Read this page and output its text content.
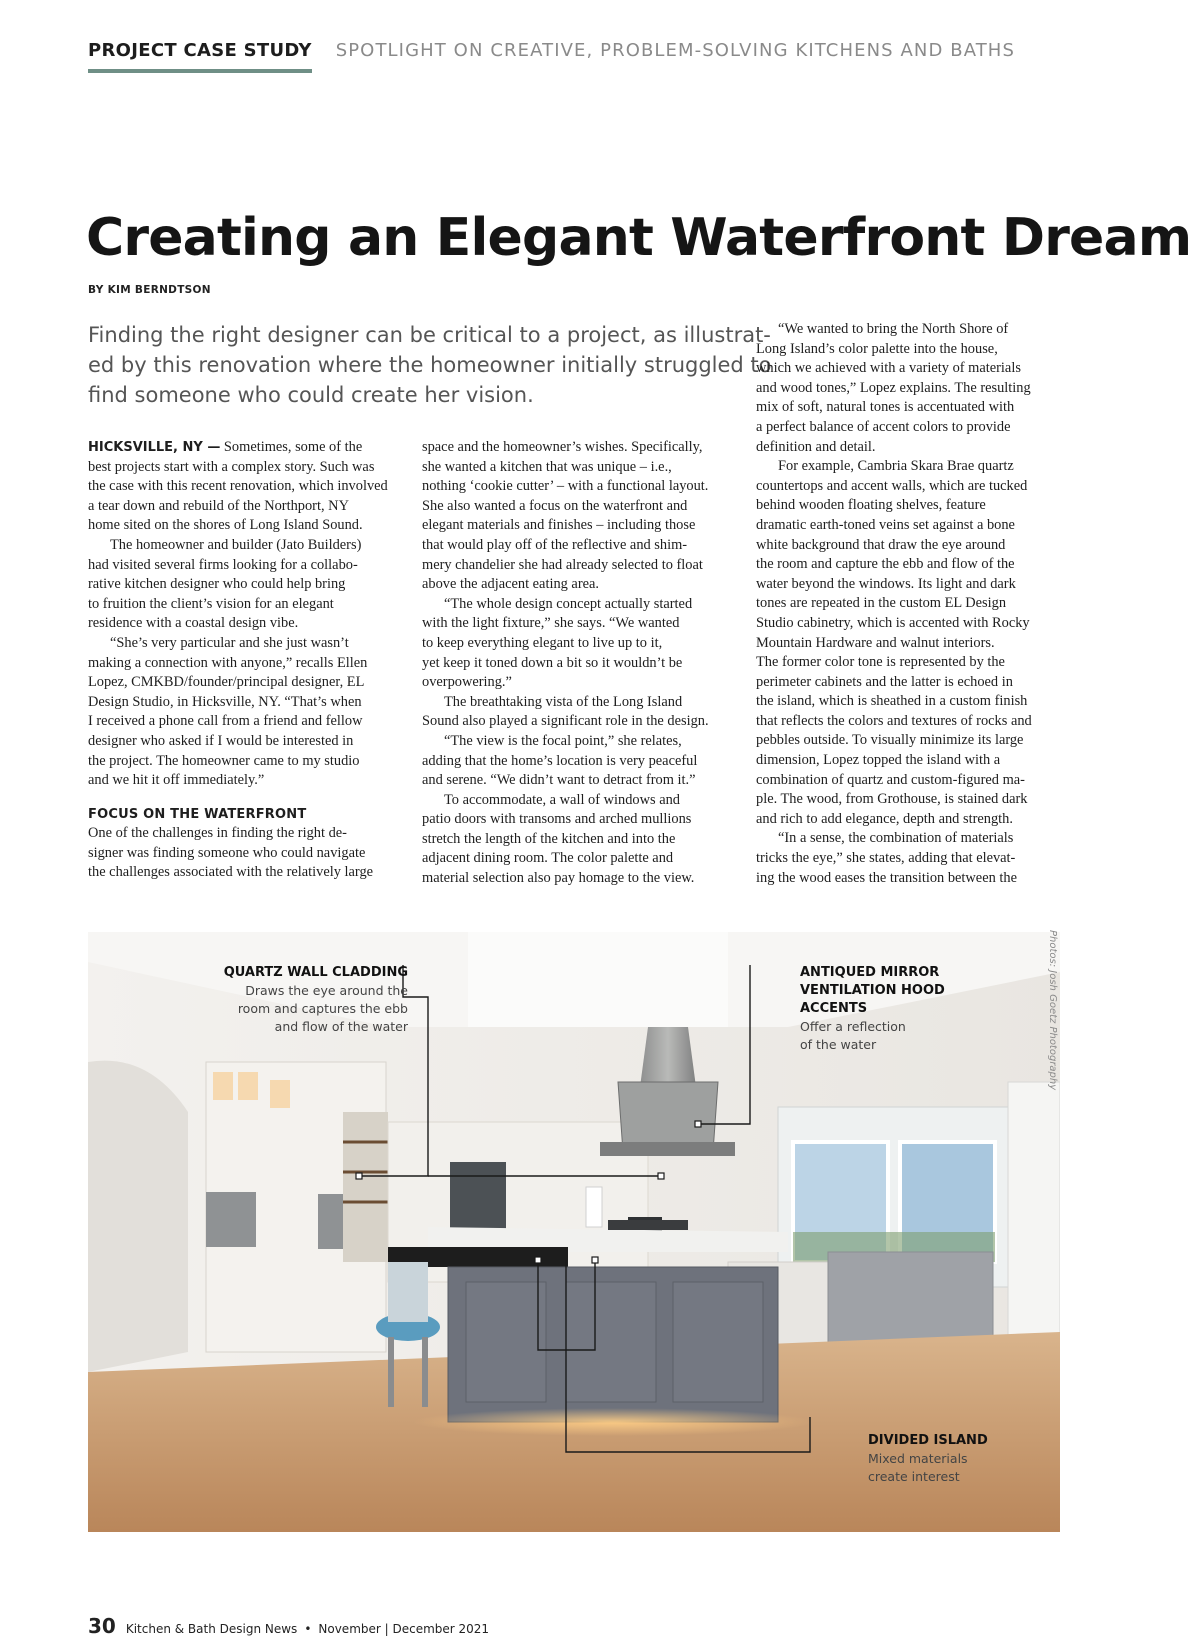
PROJECT CASE STUDY SPOTLIGHT ON CREATIVE, PROBLEM-SOLVING KITCHENS AND BATHS
Creating an Elegant Waterfront Dream
BY KIM BERNDTSON
Finding the right designer can be critical to a project, as illustrat-
ed by this renovation where the homeowner initially struggled to
find someone who could create her vision.
HICKSVILLE, NY — Sometimes, some of the
best projects start with a complex story. Such was
the case with this recent renovation, which involved
a tear down and rebuild of the Northport, NY
home sited on the shores of Long Island Sound.
The homeowner and builder (Jato Builders)
had visited several firms looking for a collabo-
rative kitchen designer who could help bring
to fruition the client’s vision for an elegant
residence with a coastal design vibe.
“She’s very particular and she just wasn’t
making a connection with anyone,” recalls Ellen
Lopez, CMKBD/founder/principal designer, EL
Design Studio, in Hicksville, NY. “That’s when
I received a phone call from a friend and fellow
designer who asked if I would be interested in
the project. The homeowner came to my studio
and we hit it off immediately.”
FOCUS ON THE WATERFRONT
One of the challenges in finding the right de-
signer was finding someone who could navigate
the challenges associated with the relatively large
space and the homeowner’s wishes. Specifically,
she wanted a kitchen that was unique – i.e.,
nothing ‘cookie cutter’ – with a functional layout.
She also wanted a focus on the waterfront and
elegant materials and finishes – including those
that would play off of the reflective and shim-
mery chandelier she had already selected to float
above the adjacent eating area.
“The whole design concept actually started
with the light fixture,” she says. “We wanted
to keep everything elegant to live up to it,
yet keep it toned down a bit so it wouldn’t be
overpowering.”
The breathtaking vista of the Long Island
Sound also played a significant role in the design.
“The view is the focal point,” she relates,
adding that the home’s location is very peaceful
and serene. “We didn’t want to detract from it.”
To accommodate, a wall of windows and
patio doors with transoms and arched mullions
stretch the length of the kitchen and into the
adjacent dining room. The color palette and
material selection also pay homage to the view.
“We wanted to bring the North Shore of
Long Island’s color palette into the house,
which we achieved with a variety of materials
and wood tones,” Lopez explains. The resulting
mix of soft, natural tones is accentuated with
a perfect balance of accent colors to provide
definition and detail.
For example, Cambria Skara Brae quartz
countertops and accent walls, which are tucked
behind wooden floating shelves, feature
dramatic earth-toned veins set against a bone
white background that draw the eye around
the room and capture the ebb and flow of the
water beyond the windows. Its light and dark
tones are repeated in the custom EL Design
Studio cabinetry, which is accented with Rocky
Mountain Hardware and walnut interiors.
The former color tone is represented by the
perimeter cabinets and the latter is echoed in
the island, which is sheathed in a custom finish
that reflects the colors and textures of rocks and
pebbles outside. To visually minimize its large
dimension, Lopez topped the island with a
combination of quartz and custom-figured ma-
ple. The wood, from Grothouse, is stained dark
and rich to add elegance, depth and strength.
“In a sense, the combination of materials
tricks the eye,” she states, adding that elevat-
ing the wood eases the transition between the
Photos: Josh Goetz Photography
QUARTZ WALL CLADDING
Draws the eye around the
room and captures the ebb
and flow of the water
ANTIQUED MIRROR
VENTILATION HOOD
ACCENTS
Offer a reflection
of the water
DIVIDED ISLAND
Mixed materials
create interest
30 Kitchen & Bath Design News • November | December 2021
